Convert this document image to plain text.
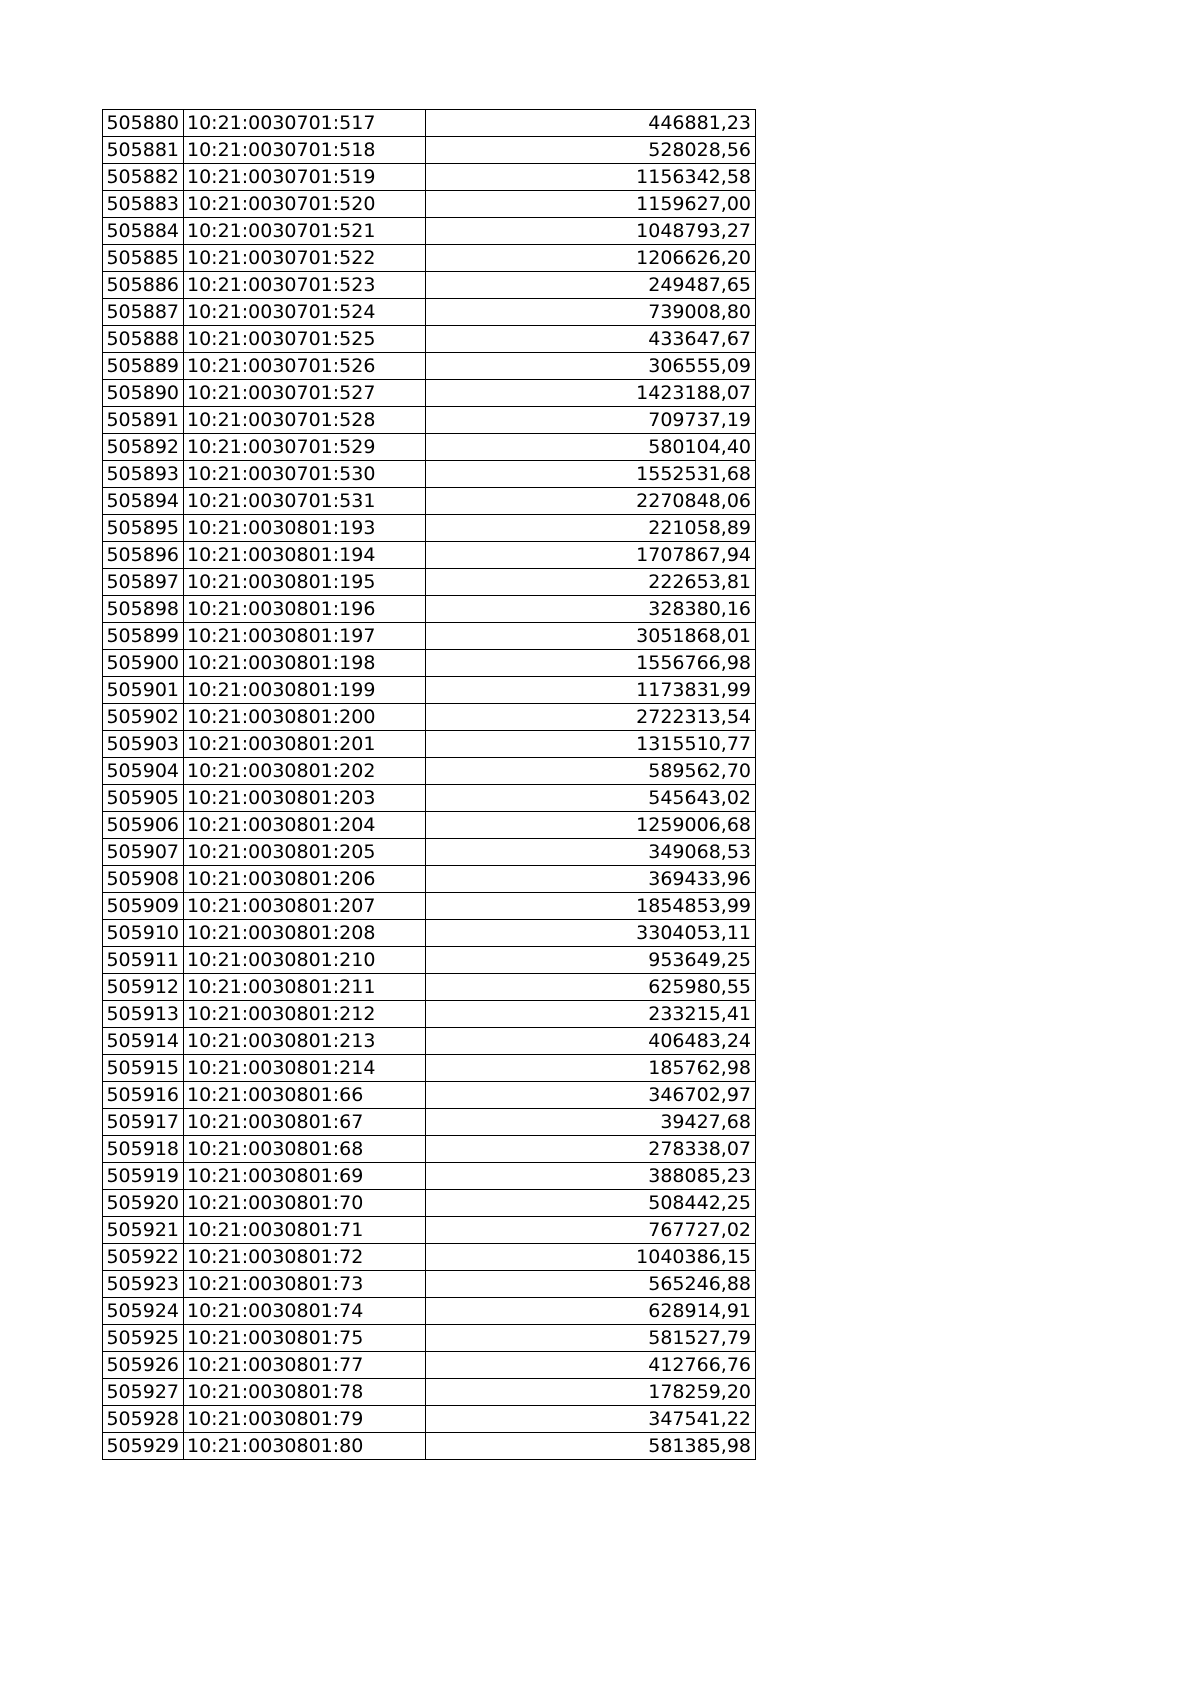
505880	10:21:0030701:517	446881,23
505881	10:21:0030701:518	528028,56
505882	10:21:0030701:519	1156342,58
505883	10:21:0030701:520	1159627,00
505884	10:21:0030701:521	1048793,27
505885	10:21:0030701:522	1206626,20
505886	10:21:0030701:523	249487,65
505887	10:21:0030701:524	739008,80
505888	10:21:0030701:525	433647,67
505889	10:21:0030701:526	306555,09
505890	10:21:0030701:527	1423188,07
505891	10:21:0030701:528	709737,19
505892	10:21:0030701:529	580104,40
505893	10:21:0030701:530	1552531,68
505894	10:21:0030701:531	2270848,06
505895	10:21:0030801:193	221058,89
505896	10:21:0030801:194	1707867,94
505897	10:21:0030801:195	222653,81
505898	10:21:0030801:196	328380,16
505899	10:21:0030801:197	3051868,01
505900	10:21:0030801:198	1556766,98
505901	10:21:0030801:199	1173831,99
505902	10:21:0030801:200	2722313,54
505903	10:21:0030801:201	1315510,77
505904	10:21:0030801:202	589562,70
505905	10:21:0030801:203	545643,02
505906	10:21:0030801:204	1259006,68
505907	10:21:0030801:205	349068,53
505908	10:21:0030801:206	369433,96
505909	10:21:0030801:207	1854853,99
505910	10:21:0030801:208	3304053,11
505911	10:21:0030801:210	953649,25
505912	10:21:0030801:211	625980,55
505913	10:21:0030801:212	233215,41
505914	10:21:0030801:213	406483,24
505915	10:21:0030801:214	185762,98
505916	10:21:0030801:66	346702,97
505917	10:21:0030801:67	39427,68
505918	10:21:0030801:68	278338,07
505919	10:21:0030801:69	388085,23
505920	10:21:0030801:70	508442,25
505921	10:21:0030801:71	767727,02
505922	10:21:0030801:72	1040386,15
505923	10:21:0030801:73	565246,88
505924	10:21:0030801:74	628914,91
505925	10:21:0030801:75	581527,79
505926	10:21:0030801:77	412766,76
505927	10:21:0030801:78	178259,20
505928	10:21:0030801:79	347541,22
505929	10:21:0030801:80	581385,98
